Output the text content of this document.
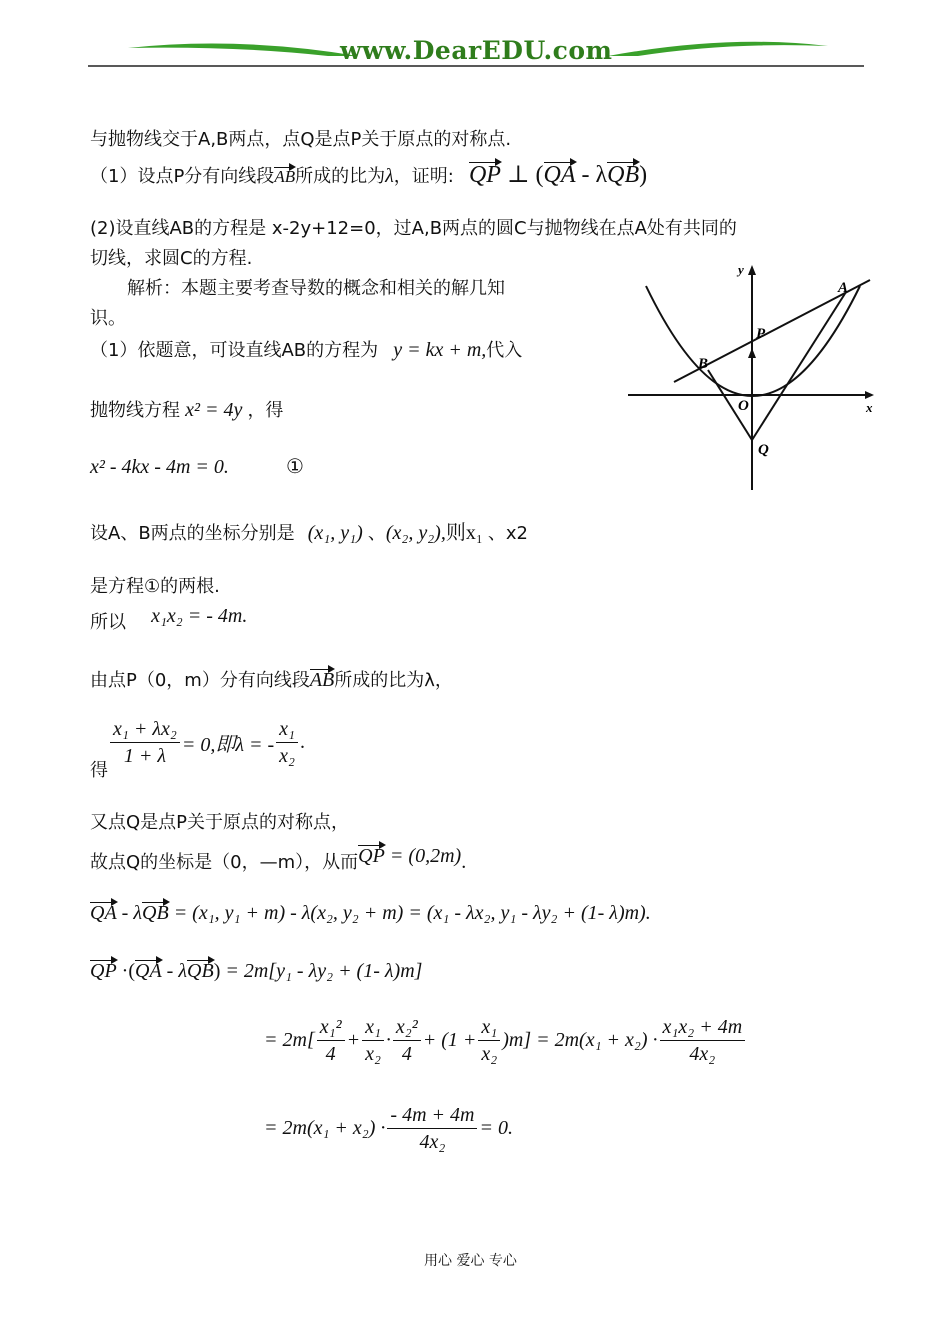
www.DearEDU.com
与抛物线交于A,B两点，点Q是点P关于原点的对称点.
（1）设点P分有向线段AB所成的比为λ，证明: QP ⊥ (QA - λQB)
(2)设直线AB的方程是 x-2y+12=0，过A,B两点的圆C与抛物线在点A处有共同的
切线，求圆C的方程.
解析：本题主要考查导数的概念和相关的解几知
识。
（1）依题意，可设直线AB的方程为 y = kx + m,代入
抛物线方程 x² = 4y ，得
x² - 4kx - 4m = 0.	①
设A、B两点的坐标分别是 (x₁, y₁) 、(x₂, y₂),则x₁ 、x2
是方程①的两根.
所以 x₁x₂ = - 4m.
由点P（0，m）分有向线段AB所成的比为λ，
得
$\frac{\text{x₁ + λx₂}}{1 + \lambda} = 0$,即λ = - $\frac{\text{x₁}}{\text{x₂}}$ .
又点Q是点P关于原点的对称点，
故点Q的坐标是（0，—m），从而QP = (0,2m).
QA - λQB = (x₁, y₁ + m) - λ(x₂, y₂ + m) = (x₁ - λx₂, y₁ - λy₂ + (1- λ)m).
QP ·(QA - λQB) = 2m[y₁ - λy₂ + (1- λ)m]
= $2m[ \frac{\text{x₁²}}{4} + \frac{\text{x₁}}{\text{x₂}} \cdot \frac{\text{x₂²}}{4} + (1 + \frac{\text{x₁}}{\text{x₂}} )m] = 2m(x_1 + x_2) \cdot \frac{\text{x₁x₂ + 4m}}{\text{4x₂}}$
= $2m(x_1 + x_2) \cdot \frac{- 4m + 4m}{\text{4x₂}} = 0$.
y
x
A
B
P
O
Q
用心 爱心 专心
